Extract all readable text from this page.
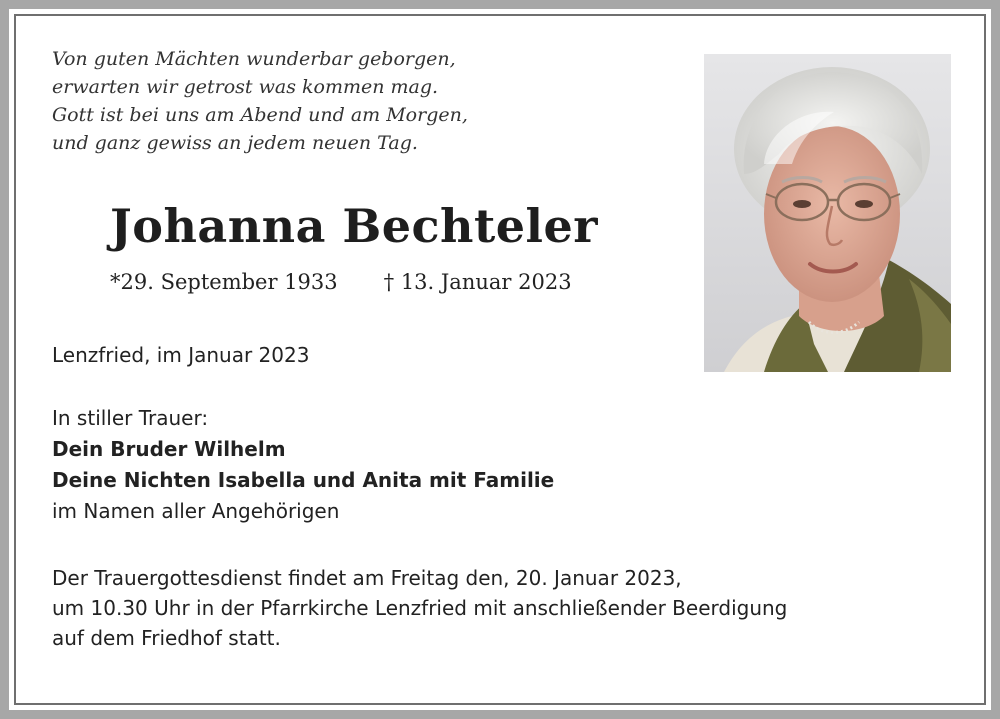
Von guten Mächten wunderbar geborgen,
erwarten wir getrost was kommen mag.
Gott ist bei uns am Abend und am Morgen,
und ganz gewiss an jedem neuen Tag.
Johanna Bechteler
*29. September 1933 † 13. Januar 2023
Lenzfried, im Januar 2023
In stiller Trauer:
Dein Bruder Wilhelm
Deine Nichten Isabella und Anita mit Familie
im Namen aller Angehörigen
Der Trauergottesdienst findet am Freitag den, 20. Januar 2023,
um 10.30 Uhr in der Pfarrkirche Lenzfried mit anschließender Beerdigung
auf dem Friedhof statt.
